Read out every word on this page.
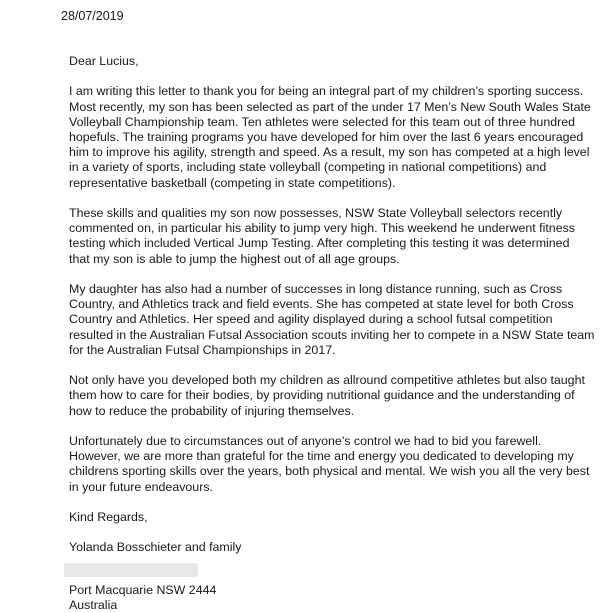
28/07/2019

Dear Lucius,

I am writing this letter to thank you for being an integral part of my children’s sporting success.
Most recently, my son has been selected as part of the under 17 Men’s New South Wales State
Volleyball Championship team. Ten athletes were selected for this team out of three hundred
hopefuls. The training programs you have developed for him over the last 6 years encouraged
him to improve his agility, strength and speed. As a result, my son has competed at a high level
in a variety of sports, including state volleyball (competing in national competitions) and
representative basketball (competing in state competitions).

These skills and qualities my son now possesses, NSW State Volleyball selectors recently
commented on, in particular his ability to jump very high. This weekend he underwent fitness
testing which included Vertical Jump Testing. After completing this testing it was determined
that my son is able to jump the highest out of all age groups.

My daughter has also had a number of successes in long distance running, such as Cross
Country, and Athletics track and field events. She has competed at state level for both Cross
Country and Athletics. Her speed and agility displayed during a school futsal competition
resulted in the Australian Futsal Association scouts inviting her to compete in a NSW State team
for the Australian Futsal Championships in 2017.

Not only have you developed both my children as allround competitive athletes but also taught
them how to care for their bodies, by providing nutritional guidance and the understanding of
how to reduce the probability of injuring themselves.

Unfortunately due to circumstances out of anyone’s control we had to bid you farewell.
However, we are more than grateful for the time and energy you dedicated to developing my
childrens sporting skills over the years, both physical and mental. We wish you all the very best
in your future endeavours.

Kind Regards,

Yolanda Bosschieter and family

Port Macquarie NSW 2444
Australia
